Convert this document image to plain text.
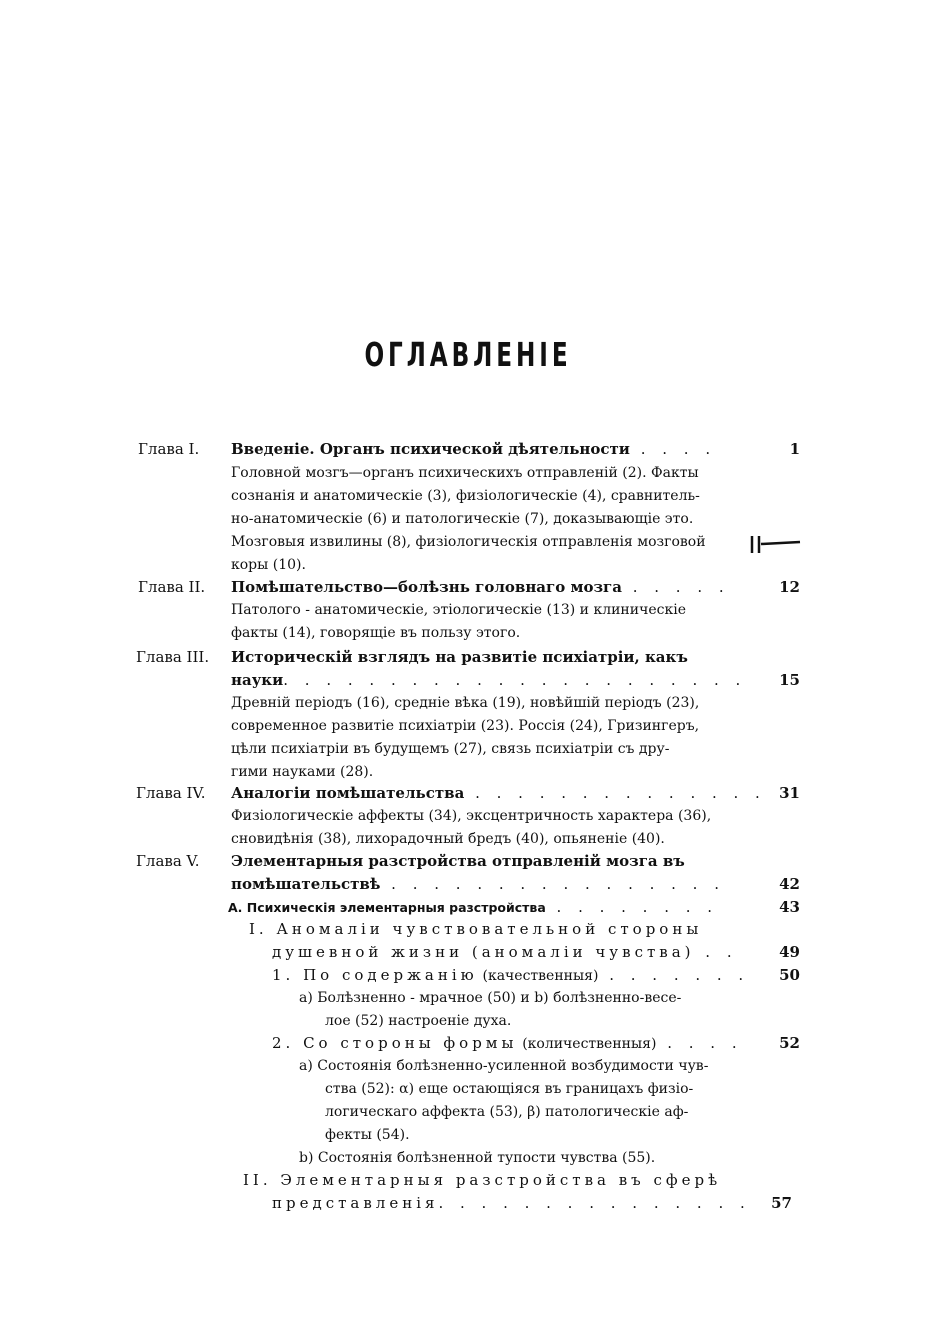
ОГЛАВЛЕНІЕ
Глава I. Введеніе. Органъ психической дѣятельности . . . .	1
Головной мозгъ—органъ психическихъ отправленій (2). Факты
сознанія и анатомическіе (3), физіологическіе (4), сравнитель-
но-анатомическіе (6) и патологическіе (7), доказывающіе это.
Мозговыя извилины (8), физіологическія отправленія мозговой
коры (10).
Глава II. Помѣшательство—болѣзнь головнаго мозга . . . . .	12
Патолого - анатомическіе, этіологическіе (13) и клиническіе
факты (14), говорящіе въ пользу этого.
Глава III. Историческій взглядъ на развитіе психіатріи, какъ
науки. . . . . . . . . . . . . . . . . . . . . .	15
Древній періодъ (16), средніе вѣка (19), новѣйшій періодъ (23),
современное развитіе психіатріи (23). Россія (24), Гризингеръ,
цѣли психіатріи въ будущемъ (27), связь психіатріи съ дру-
гими науками (28).
Глава IV. Аналогіи помѣшательства . . . . . . . . . . . . . . 31
Физіологическіе аффекты (34), эксцентричность характера (36),
сновидѣнія (38), лихорадочный бредъ (40), опьяненіе (40).
Глава V. Элементарныя разстройства отправленій мозга въ
помѣшательствѣ . . . . . . . . . . . . . . . .	42
А. Психическія элементарныя разстройства . . . . . . . .	43
I. Аномаліи чувствовательной стороны
душевной жизни (аномаліи чувства) . .	49
1. По содержанію (качественныя) . . . . . . .	50
a) Болѣзненно - мрачное (50) и b) болѣзненно-весе-
лое (52) настроеніе духа.
2. Со стороны формы (количественныя) . . . .	52
a) Состоянія болѣзненно-усиленной возбудимости чув-
ства (52): α) еще остающіяся въ границахъ физіо-
логическаго аффекта (53), β) патологическіе аф-
фекты (54).
b) Состоянія болѣзненной тупости чувства (55).
II. Элементарныя разстройства въ сферѣ
представленія. . . . . . . . . . . . . . .	57
